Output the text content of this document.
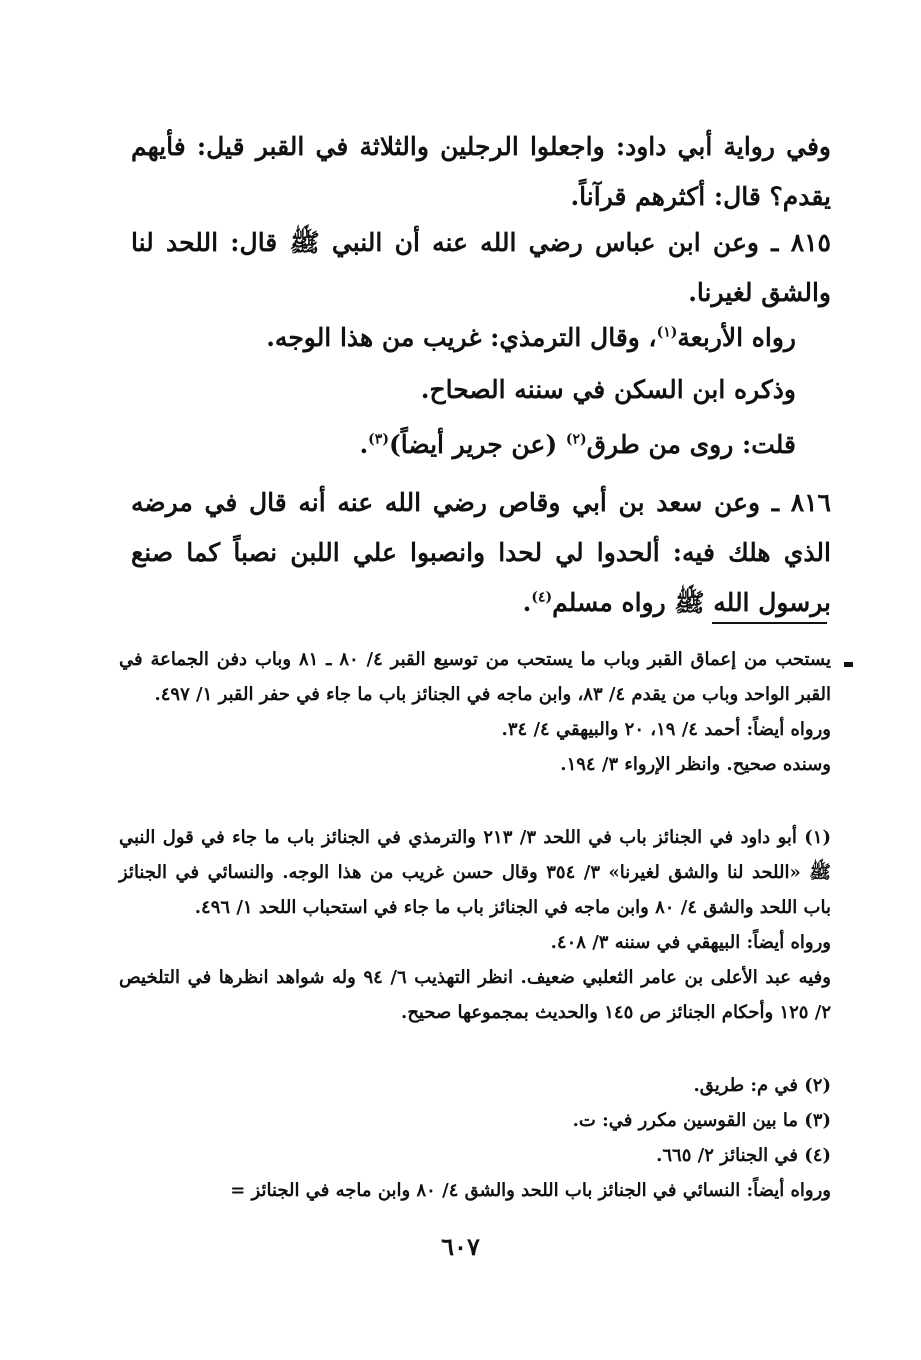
وفي رواية أبي داود: واجعلوا الرجلين والثلاثة في القبر قيل: فأيهم يقدم؟ قال: أكثرهم قرآناً.

٨١٥ ـ وعن ابن عباس رضي الله عنه أن النبي ﷺ قال: اللحد لنا والشق لغيرنا.

رواه الأربعة$^{(١)}$، وقال الترمذي: غريب من هذا الوجه.

وذكره ابن السكن في سننه الصحاح.

قلت: روى من طرق$^{(٢)}$ (عن جرير أيضاً)$^{(٣)}$.

٨١٦ ـ وعن سعد بن أبي وقاص رضي الله عنه أنه قال في مرضه الذي هلك فيه: ألحدوا لي لحدا وانصبوا علي اللبن نصباً كما صنع برسول الله ﷺ رواه مسلم$^{(٤)}$.

يستحب من إعماق القبر وباب ما يستحب من توسيع القبر ٤/ ٨٠ ـ ٨١ وباب دفن الجماعة في القبر الواحد وباب من يقدم ٤/ ٨٣، وابن ماجه في الجنائز باب ما جاء في حفر القبر ١/ ٤٩٧.

ورواه أيضاً: أحمد ٤/ ١٩، ٢٠ والبيهقي ٤/ ٣٤.

وسنده صحيح. وانظر الإرواء ٣/ ١٩٤.

(١) أبو داود في الجنائز باب في اللحد ٣/ ٢١٣ والترمذي في الجنائز باب ما جاء في قول النبي ﷺ «اللحد لنا والشق لغيرنا» ٣/ ٣٥٤ وقال حسن غريب من هذا الوجه. والنسائي في الجنائز باب اللحد والشق ٤/ ٨٠ وابن ماجه في الجنائز باب ما جاء في استحباب اللحد ١/ ٤٩٦.

ورواه أيضاً: البيهقي في سننه ٣/ ٤٠٨.

وفيه عبد الأعلى بن عامر الثعلبي ضعيف. انظر التهذيب ٦/ ٩٤ وله شواهد انظرها في التلخيص ٢/ ١٢٥ وأحكام الجنائز ص ١٤٥ والحديث بمجموعها صحيح.

(٢) في م: طريق.

(٣) ما بين القوسين مكرر في: ت.

(٤) في الجنائز ٢/ ٦٦٥.

ورواه أيضاً: النسائي في الجنائز باب اللحد والشق ٤/ ٨٠ وابن ماجه في الجنائز =

٦٠٧
